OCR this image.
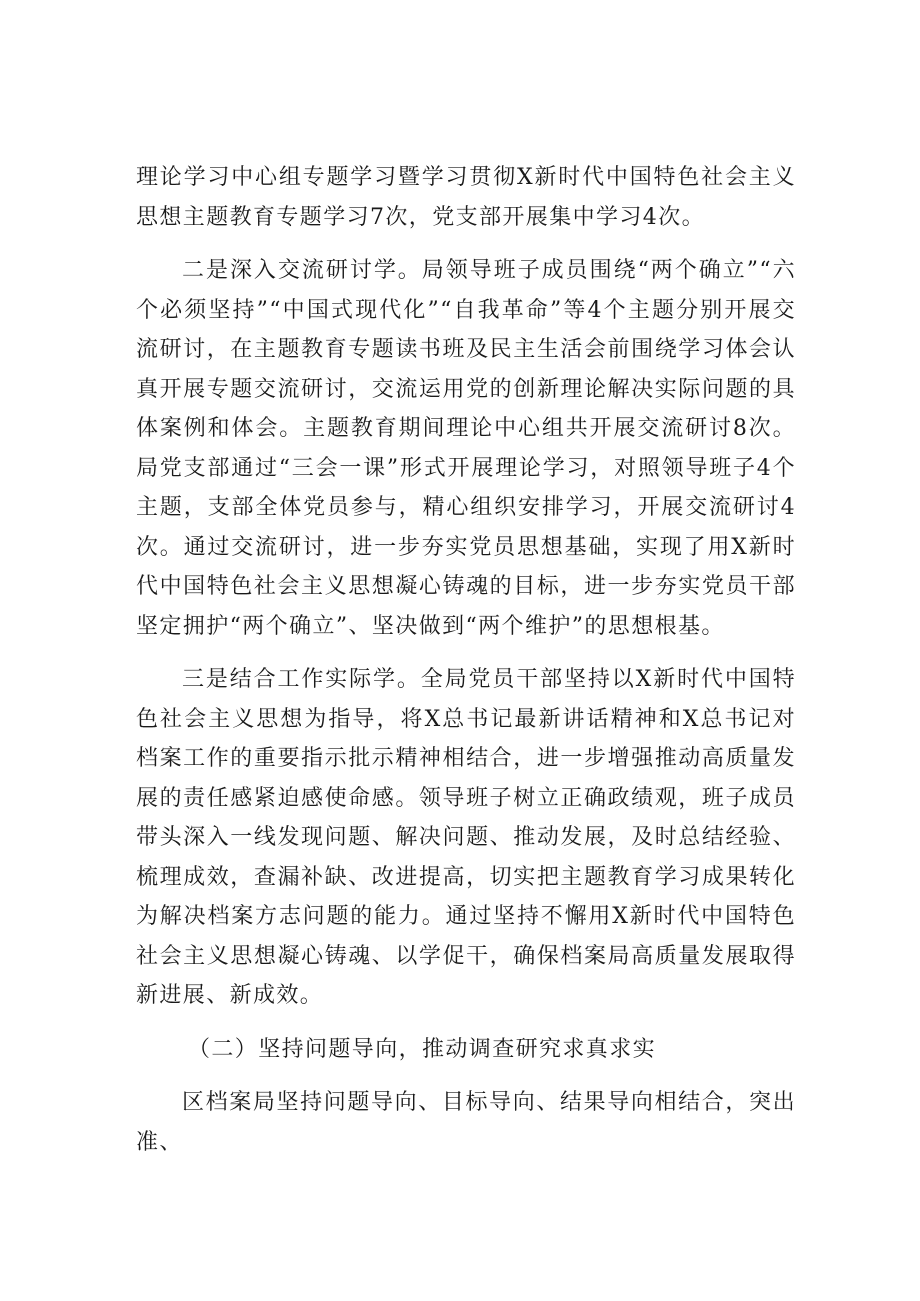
理论学习中心组专题学习暨学习贯彻X新时代中国特色社会主义思想主题教育专题学习7次，党支部开展集中学习4次。

二是深入交流研讨学。局领导班子成员围绕“两个确立”“六个必须坚持”“中国式现代化”“自我革命”等4个主题分别开展交流研讨，在主题教育专题读书班及民主生活会前围绕学习体会认真开展专题交流研讨，交流运用党的创新理论解决实际问题的具体案例和体会。主题教育期间理论中心组共开展交流研讨8次。局党支部通过“三会一课”形式开展理论学习，对照领导班子4个主题，支部全体党员参与，精心组织安排学习，开展交流研讨4次。通过交流研讨，进一步夯实党员思想基础，实现了用X新时代中国特色社会主义思想凝心铸魂的目标，进一步夯实党员干部坚定拥护“两个确立”、坚决做到“两个维护”的思想根基。

三是结合工作实际学。全局党员干部坚持以X新时代中国特色社会主义思想为指导，将X总书记最新讲话精神和X总书记对档案工作的重要指示批示精神相结合，进一步增强推动高质量发展的责任感紧迫感使命感。领导班子树立正确政绩观，班子成员带头深入一线发现问题、解决问题、推动发展，及时总结经验、梳理成效，查漏补缺、改进提高，切实把主题教育学习成果转化为解决档案方志问题的能力。通过坚持不懈用X新时代中国特色社会主义思想凝心铸魂、以学促干，确保档案局高质量发展取得新进展、新成效。

（二）坚持问题导向，推动调查研究求真求实

区档案局坚持问题导向、目标导向、结果导向相结合，突出准、
